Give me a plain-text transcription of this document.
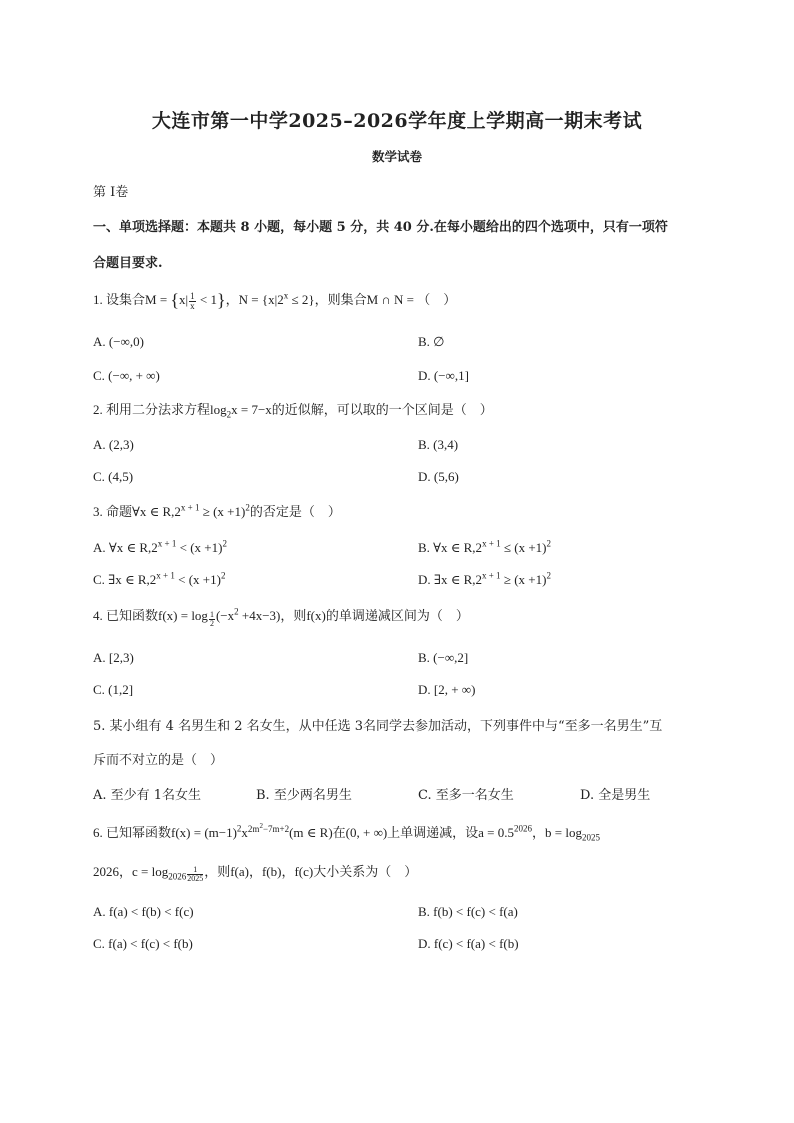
大连市第一中学2025–2026学年度上学期高一期末考试
数学试卷
第 I卷
一、单项选择题：本题共 8 小题，每小题 5 分，共 40 分.在每小题给出的四个选项中，只有一项符
合题目要求.
1. 设集合$M = \{x| \frac{1}{x} < 1\}$，$N = \{x|2^x \le 2\}$，则集合M ∩ N = （　）
A. (−∞,0)	B. ∅
C. (−∞, + ∞)	D. (−∞,1]
2. 利用二分法求方程$\log_2x = 7-x$的近似解，可以取的一个区间是（　）
A. (2,3)	B. (3,4)
C. (4,5)	D. (5,6)
3. 命题∀x ∈ $R,2^{x + 1} \ge (x +1)^2$的否定是（　）
A. ∀x ∈ $R,2^{x + 1} < (x +1)^2$	B. ∀x ∈ $R,2^{x + 1} \le (x +1)^2$
C. ∃x ∈ $R,2^{x + 1} < (x +1)^2$	D. ∃x ∈ $R,2^{x + 1} \ge (x +1)^2$
4. 已知函数$f(x) = \log \frac{1}{2} (-x^2 +4x-3)$，则f(x)的单调递减区间为（　）
A. [2,3)	B. (−∞,2]
C. (1,2]	D. [2, + ∞)
5. 某小组有 4 名男生和 2 名女生，从中任选 3名同学去参加活动，下列事件中与“至多一名男生”互
斥而不对立的是（　）
A. 至少有 1名女生	B. 至少两名男生	C. 至多一名女生	D. 全是男生
6. 已知幂函数$f(x) = (m-1)^2x^{2m^2-7m+2}(m$ ∈ R)在(0, + ∞)上单调递减，设$a = 0.5^{2026}$，$b = \log_{2025}$
2026，$c = \log_{2026} \frac{1}{2025}$ ，则f(a)，f(b)，f(c)大小关系为（　）
A. f(a) < f(b) < f(c)	B. f(b) < f(c) < f(a)
C. f(a) < f(c) < f(b)	D. f(c) < f(a) < f(b)
